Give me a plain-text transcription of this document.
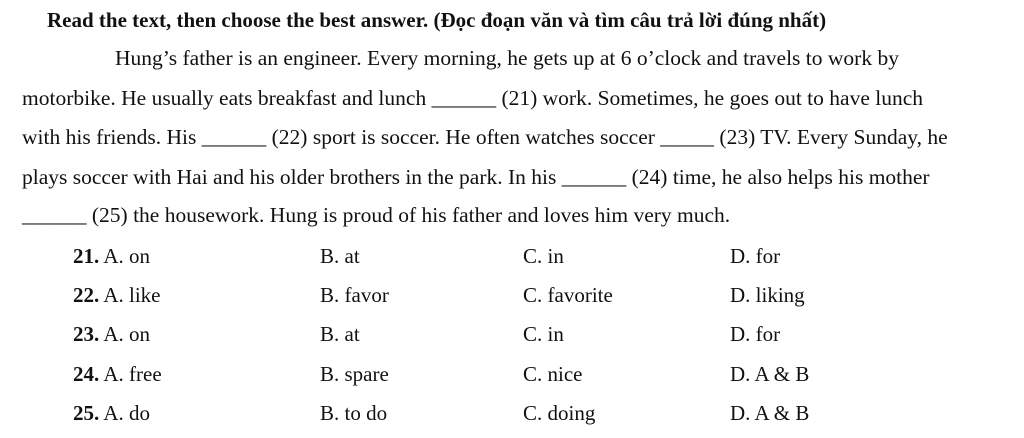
Read the text, then choose the best answer. (Đọc đoạn văn và tìm câu trả lời đúng nhất)
Hung’s father is an engineer. Every morning, he gets up at 6 o’clock and travels to work by
motorbike. He usually eats breakfast and lunch ______ (21) work. Sometimes, he goes out to have lunch
with his friends. His ______ (22) sport is soccer. He often watches soccer _____ (23) TV. Every Sunday, he
plays soccer with Hai and his older brothers in the park. In his ______ (24) time, he also helps his mother
______ (25) the housework. Hung is proud of his father and loves him very much.
21. A. on	B. at	C. in	D. for
22. A. like	B. favor	C. favorite	D. liking
23. A. on	B. at	C. in	D. for
24. A. free	B. spare	C. nice	D. A & B
25. A. do	B. to do	C. doing	D. A & B
